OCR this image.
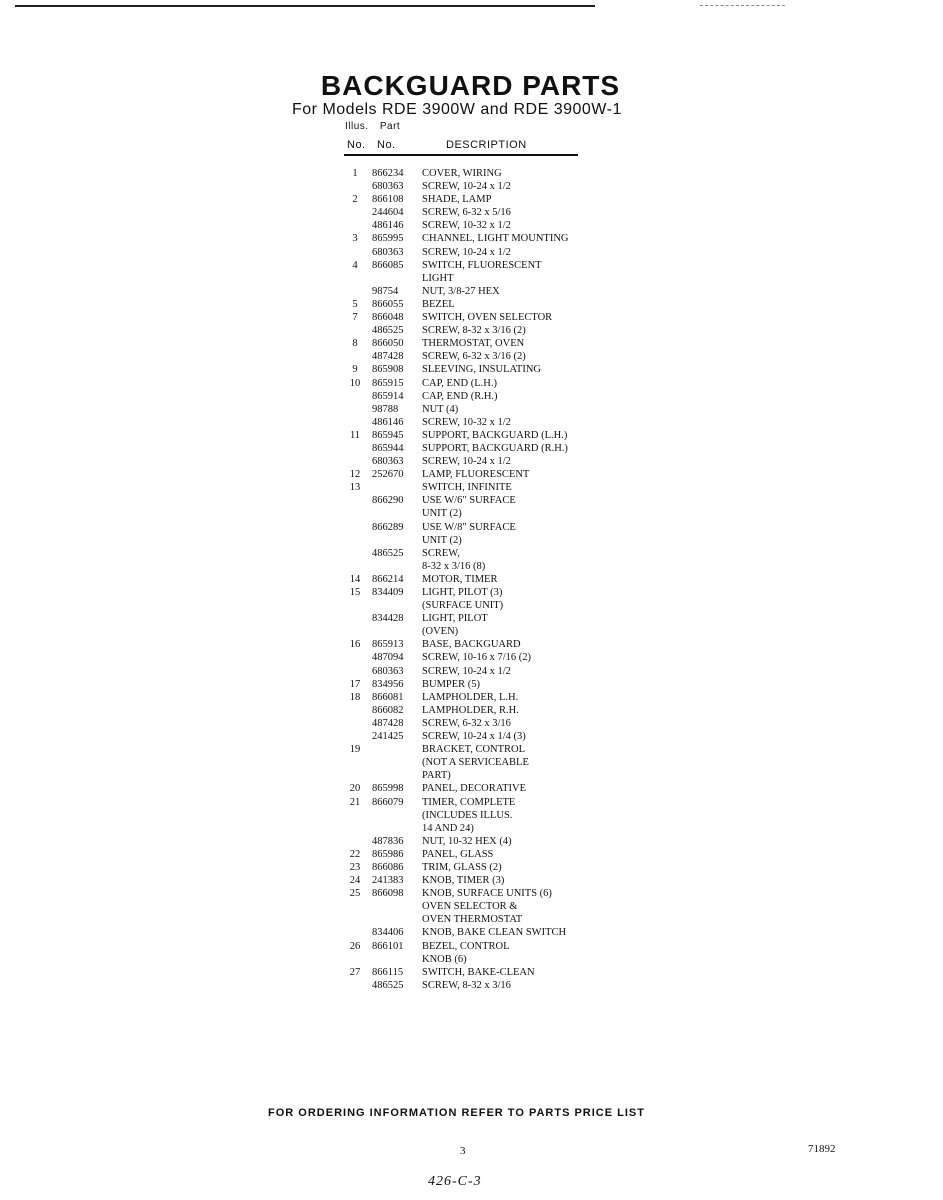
BACKGUARD PARTS
For Models RDE 3900W and RDE 3900W-1
Illus. Part
No. No.	DESCRIPTION
1	866234 COVER, WIRING
680363 SCREW, 10-24 x 1/2
2	866108 SHADE, LAMP
244604 SCREW, 6-32 x 5/16
486146 SCREW, 10-32 x 1/2
3	865995 CHANNEL, LIGHT MOUNTING
680363 SCREW, 10-24 x 1/2
4	866085 SWITCH, FLUORESCENT
LIGHT
98754 NUT, 3/8-27 HEX
5	866055 BEZEL
7	866048 SWITCH, OVEN SELECTOR
486525 SCREW, 8-32 x 3/16 (2)
8	866050 THERMOSTAT, OVEN
487428 SCREW, 6-32 x 3/16 (2)
9	865908 SLEEVING, INSULATING
10	865915 CAP, END (L.H.)
865914 CAP, END (R.H.)
98788 NUT (4)
486146 SCREW, 10-32 x 1/2
11	865945 SUPPORT, BACKGUARD (L.H.)
865944 SUPPORT, BACKGUARD (R.H.)
680363 SCREW, 10-24 x 1/2
12	252670 LAMP, FLUORESCENT
13	SWITCH, INFINITE
866290 USE W/6" SURFACE
UNIT (2)
866289 USE W/8" SURFACE
UNIT (2)
486525 SCREW,
8-32 x 3/16 (8)
14	866214 MOTOR, TIMER
15	834409 LIGHT, PILOT (3)
(SURFACE UNIT)
834428 LIGHT, PILOT
(OVEN)
16	865913 BASE, BACKGUARD
487094 SCREW, 10-16 x 7/16 (2)
680363 SCREW, 10-24 x 1/2
17	834956 BUMPER (5)
18	866081 LAMPHOLDER, L.H.
866082 LAMPHOLDER, R.H.
487428 SCREW, 6-32 x 3/16
241425 SCREW, 10-24 x 1/4 (3)
19	BRACKET, CONTROL
(NOT A SERVICEABLE
PART)
20	865998 PANEL, DECORATIVE
21	866079 TIMER, COMPLETE
(INCLUDES ILLUS.
14 AND 24)
487836 NUT, 10-32 HEX (4)
22	865986 PANEL, GLASS
23	866086 TRIM, GLASS (2)
24	241383 KNOB, TIMER (3)
25	866098 KNOB, SURFACE UNITS (6)
OVEN SELECTOR &
OVEN THERMOSTAT
834406 KNOB, BAKE CLEAN SWITCH
26	866101 BEZEL, CONTROL
KNOB (6)
27	866115 SWITCH, BAKE-CLEAN
486525 SCREW, 8-32 x 3/16
FOR ORDERING INFORMATION REFER TO PARTS PRICE LIST
3	71892
426-C-3
